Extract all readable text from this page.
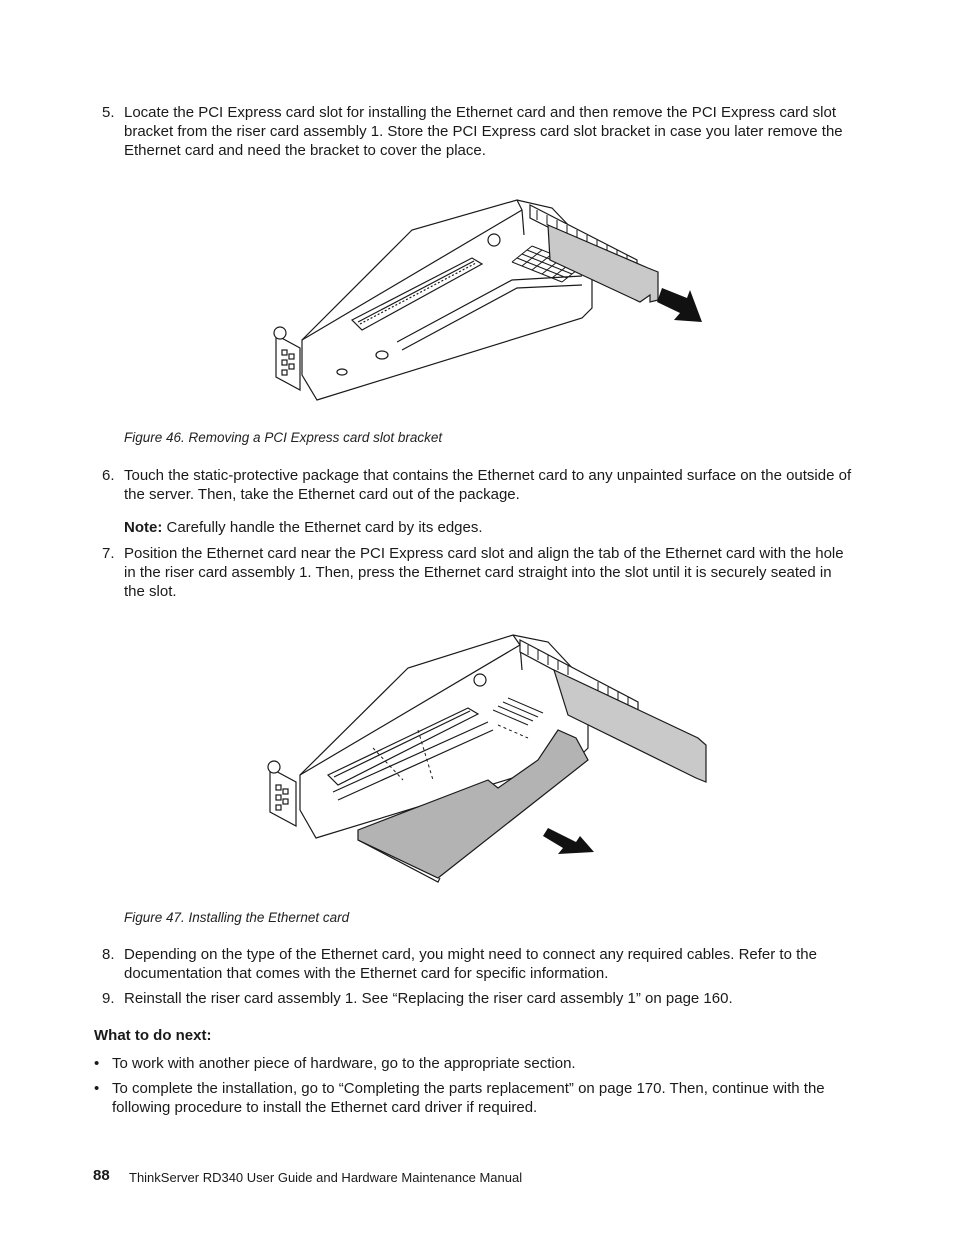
5. Locate the PCI Express card slot for installing the Ethernet card and then remove the PCI Express card slot bracket from the riser card assembly 1. Store the PCI Express card slot bracket in case you later remove the Ethernet card and need the bracket to cover the place.
Figure 46. Removing a PCI Express card slot bracket
6. Touch the static-protective package that contains the Ethernet card to any unpainted surface on the outside of the server. Then, take the Ethernet card out of the package.
Note: Carefully handle the Ethernet card by its edges.
7. Position the Ethernet card near the PCI Express card slot and align the tab of the Ethernet card with the hole in the riser card assembly 1. Then, press the Ethernet card straight into the slot until it is securely seated in the slot.
Figure 47. Installing the Ethernet card
8. Depending on the type of the Ethernet card, you might need to connect any required cables. Refer to the documentation that comes with the Ethernet card for specific information.
9. Reinstall the riser card assembly 1. See “Replacing the riser card assembly 1” on page 160.
What to do next:
• To work with another piece of hardware, go to the appropriate section.
• To complete the installation, go to “Completing the parts replacement” on page 170. Then, continue with the following procedure to install the Ethernet card driver if required.
88 ThinkServer RD340 User Guide and Hardware Maintenance Manual
